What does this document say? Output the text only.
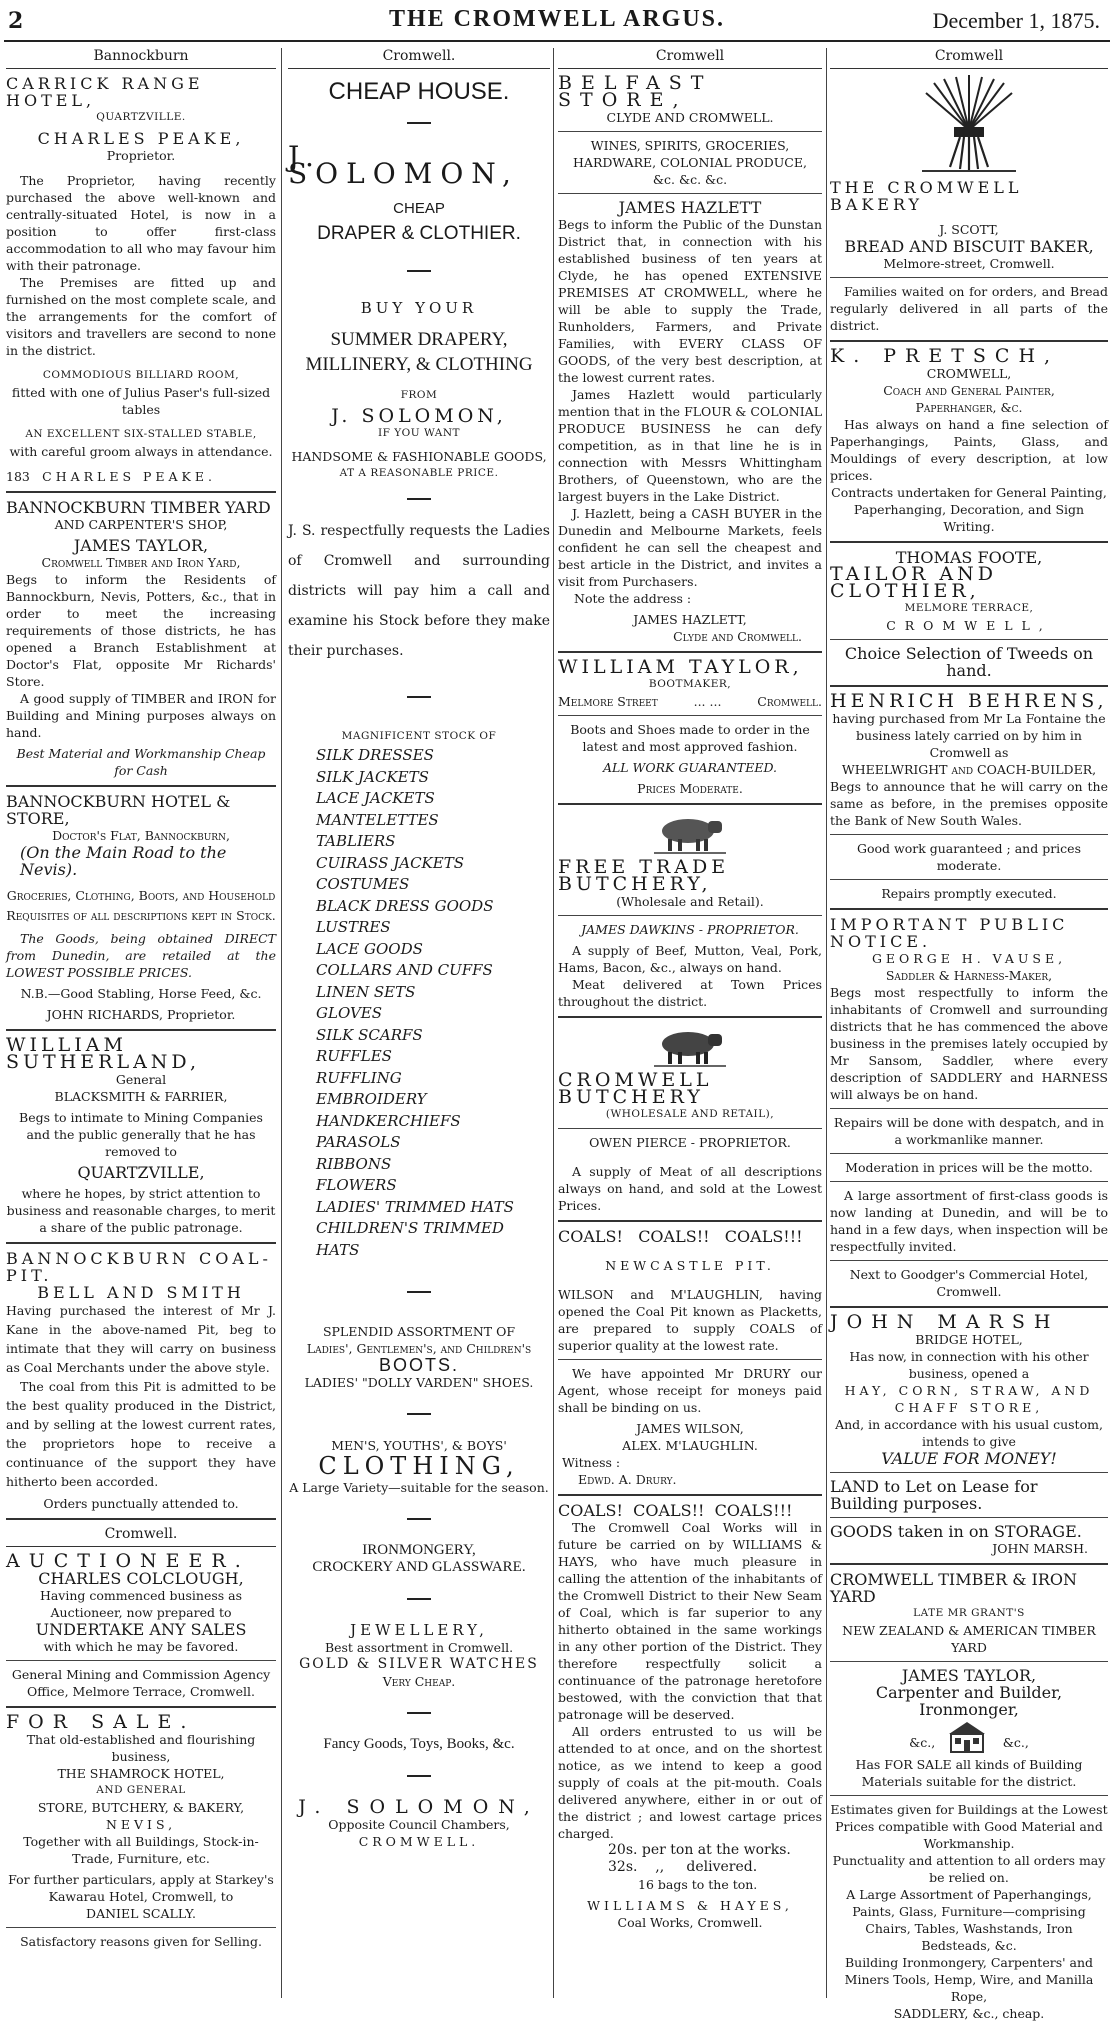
2	THE CROMWELL ARGUS.	December 1, 1875.
Bannockburn
CARRICK RANGE HOTEL,
QUARTZVILLE.
CHARLES PEAKE,
Proprietor.

The Proprietor, having recently purchased the above well-known and centrally-situated Hotel, is now in a position to offer first-class accommodation to all who may favour him with their patronage.

The Premises are fitted up and furnished on the most complete scale, and the arrangements for the comfort of visitors and travellers are second to none in the district.

COMMODIOUS BILLIARD ROOM,
fitted with one of Julius Paser's full-sized tables
AN EXCELLENT SIX-STALLED STABLE,
with careful groom always in attendance.
183 CHARLES PEAKE.
BANNOCKBURN TIMBER YARD
AND CARPENTER'S SHOP,
JAMES TAYLOR,
Cromwell Timber and Iron Yard,

Begs to inform the Residents of Bannockburn, Nevis, Potters, &c., that in order to meet the increasing requirements of those districts, he has opened a Branch Establishment at Doctor's Flat, opposite Mr Richards' Store.

A good supply of TIMBER and IRON for Building and Mining purposes always on hand.

Best Material and Workmanship Cheap for Cash
BANNOCKBURN HOTEL & STORE,
Doctor's Flat, Bannockburn,
(On the Main Road to the Nevis).
Groceries, Clothing, Boots, and Household Requisites of all descriptions kept in Stock.

The Goods, being obtained DIRECT from Dunedin, are retailed at the LOWEST POSSIBLE PRICES.

N.B.—Good Stabling, Horse Feed, &c.
JOHN RICHARDS, Proprietor.
WILLIAM SUTHERLAND,
General
BLACKSMITH & FARRIER,
Begs to intimate to Mining Companies and the public generally that he has removed to
QUARTZVILLE,
where he hopes, by strict attention to business and reasonable charges, to merit a share of the public patronage.
BANNOCKBURN COAL-PIT.
BELL AND SMITH

Having purchased the interest of Mr J. Kane in the above-named Pit, beg to intimate that they will carry on business as Coal Merchants under the above style.

The coal from this Pit is admitted to be the best quality produced in the District, and by selling at the lowest current rates, the proprietors hope to receive a continuance of the support they have hitherto been accorded.

Orders punctually attended to.
Cromwell.
AUCTIONEER.
CHARLES COLCLOUGH,
Having commenced business as Auctioneer, now prepared to
UNDERTAKE ANY SALES
with which he may be favored.
General Mining and Commission Agency Office, Melmore Terrace, Cromwell.
FOR SALE.
That old-established and flourishing business,
THE SHAMROCK HOTEL,
AND GENERAL
STORE, BUTCHERY, & BAKERY,
NEVIS,
Together with all Buildings, Stock-in-Trade, Furniture, etc.
For further particulars, apply at Starkey's Kawarau Hotel, Cromwell, to
DANIEL SCALLY.
Satisfactory reasons given for Selling.
Cromwell.
CHEAP HOUSE.
J. SOLOMON,
CHEAP
DRAPER & CLOTHIER.
BUY YOUR
SUMMER DRAPERY, MILLINERY, & CLOTHING
FROM
J. SOLOMON,
IF YOU WANT
HANDSOME & FASHIONABLE GOODS,
AT A REASONABLE PRICE.

J. S. respectfully requests the Ladies of Cromwell and surrounding districts will pay him a call and examine his Stock before they make their purchases.

MAGNIFICENT STOCK OF
SILK DRESSES
SILK JACKETS
LACE JACKETS
MANTELETTES
TABLIERS
CUIRASS JACKETS
COSTUMES
BLACK DRESS GOODS
LUSTRES
LACE GOODS
COLLARS AND CUFFS
LINEN SETS
GLOVES
SILK SCARFS
RUFFLES
RUFFLING
EMBROIDERY
HANDKERCHIEFS
PARASOLS
RIBBONS
FLOWERS
LADIES' TRIMMED HATS
CHILDREN'S TRIMMED HATS
SPLENDID ASSORTMENT OF
Ladies', Gentlemen's, and Children's
BOOTS.
LADIES' "DOLLY VARDEN" SHOES.
MEN'S, YOUTHS', & BOYS'
CLOTHING,
A Large Variety—suitable for the season.
IRONMONGERY,
CROCKERY AND GLASSWARE.
JEWELLERY,
Best assortment in Cromwell.
GOLD & SILVER WATCHES
Very Cheap.
Fancy Goods, Toys, Books, &c.
J. SOLOMON,
Opposite Council Chambers,
CROMWELL.
Cromwell
BELFAST STORE,
CLYDE AND CROMWELL.
WINES, SPIRITS, GROCERIES, HARDWARE, COLONIAL PRODUCE,
&c. &c. &c.
JAMES HAZLETT

Begs to inform the Public of the Dunstan District that, in connection with his established business of ten years at Clyde, he has opened EXTENSIVE PREMISES AT CROMWELL, where he will be able to supply the Trade, Runholders, Farmers, and Private Families, with EVERY CLASS OF GOODS, of the very best description, at the lowest current rates.

James Hazlett would particularly mention that in the FLOUR & COLONIAL PRODUCE BUSINESS he can defy competition, as in that line he is in connection with Messrs Whittingham Brothers, of Queenstown, who are the largest buyers in the Lake District.

J. Hazlett, being a CASH BUYER in the Dunedin and Melbourne Markets, feels confident he can sell the cheapest and best article in the District, and invites a visit from Purchasers.

Note the address :
JAMES HAZLETT,
Clyde and Cromwell.
WILLIAM TAYLOR,
BOOTMAKER,
Melmore Street	... ...	Cromwell.
Boots and Shoes made to order in the latest and most approved fashion.
ALL WORK GUARANTEED.
Prices Moderate.
FREE TRADE BUTCHERY,
(Wholesale and Retail).
JAMES DAWKINS - PROPRIETOR.

A supply of Beef, Mutton, Veal, Pork, Hams, Bacon, &c., always on hand.

Meat delivered at Town Prices throughout the district.

CROMWELL BUTCHERY
(WHOLESALE AND RETAIL),
OWEN PIERCE - PROPRIETOR.

A supply of Meat of all descriptions always on hand, and sold at the Lowest Prices.

COALS!   COALS!!   COALS!!!
NEWCASTLE PIT.

WILSON and M'LAUGHLIN, having opened the Coal Pit known as Placketts, are prepared to supply COALS of superior quality at the lowest rate.

We have appointed Mr DRURY our Agent, whose receipt for moneys paid shall be binding on us.

JAMES WILSON,
ALEX. M'LAUGHLIN.
Witness :
Edwd. A. Drury.
COALS!  COALS!!  COALS!!!

The Cromwell Coal Works will in future be carried on by WILLIAMS & HAYS, who have much pleasure in calling the attention of the inhabitants of the Cromwell District to their New Seam of Coal, which is far superior to any hitherto obtained in the same workings in any other portion of the District. They therefore respectfully solicit a continuance of the patronage heretofore bestowed, with the conviction that that patronage will be deserved.

All orders entrusted to us will be attended to at once, and on the shortest notice, as we intend to keep a good supply of coals at the pit-mouth. Coals delivered anywhere, either in or out of the district ; and lowest cartage prices charged.

20s. per ton at the works.
32s.    ,,     delivered.
16 bags to the ton.
WILLIAMS & HAYES,
Coal Works, Cromwell.
Cromwell
THE CROMWELL BAKERY
J. SCOTT,
BREAD AND BISCUIT BAKER,
Melmore-street, Cromwell.

Families waited on for orders, and Bread regularly delivered in all parts of the district.

K. PRETSCH,
CROMWELL,
Coach and General Painter,
Paperhanger, &c.

Has always on hand a fine selection of Paperhangings, Paints, Glass, and Mouldings of every description, at low prices.

Contracts undertaken for General Painting, Paperhanging, Decoration, and Sign Writing.
THOMAS FOOTE,
TAILOR AND CLOTHIER,
MELMORE TERRACE,
CROMWELL,
Choice Selection of Tweeds on hand.
HENRICH BEHRENS,
having purchased from Mr La Fontaine the business lately carried on by him in Cromwell as
WHEELWRIGHT and COACH-BUILDER,

Begs to announce that he will carry on the same as before, in the premises opposite the Bank of New South Wales.

Good work guaranteed ; and prices moderate.
Repairs promptly executed.
IMPORTANT PUBLIC NOTICE.
GEORGE H. VAUSE,
Saddler & Harness-Maker,

Begs most respectfully to inform the inhabitants of Cromwell and surrounding districts that he has commenced the above business in the premises lately occupied by Mr Sansom, Saddler, where every description of SADDLERY and HARNESS will always be on hand.

Repairs will be done with despatch, and in a workmanlike manner.
Moderation in prices will be the motto.

A large assortment of first-class goods is now landing at Dunedin, and will be to hand in a few days, when inspection will be respectfully invited.

Next to Goodger's Commercial Hotel, Cromwell.
JOHN MARSH
BRIDGE HOTEL,
Has now, in connection with his other business, opened a
HAY, CORN, STRAW, AND CHAFF STORE,
And, in accordance with his usual custom, intends to give
VALUE FOR MONEY!
LAND to Let on Lease for Building purposes.
GOODS taken in on STORAGE.
JOHN MARSH.
CROMWELL TIMBER & IRON YARD
LATE MR GRANT'S
NEW ZEALAND & AMERICAN TIMBER YARD
JAMES TAYLOR,
Carpenter and Builder, Ironmonger,
&c.,                 &c.,
Has FOR SALE all kinds of Building Materials suitable for the district.
Estimates given for Buildings at the Lowest Prices compatible with Good Material and Workmanship.
Punctuality and attention to all orders may be relied on.
A Large Assortment of Paperhangings, Paints, Glass, Furniture—comprising Chairs, Tables, Washstands, Iron Bedsteads, &c.
Building Ironmongery, Carpenters' and Miners Tools, Hemp, Wire, and Manilla Rope,
SADDLERY, &c., cheap.
